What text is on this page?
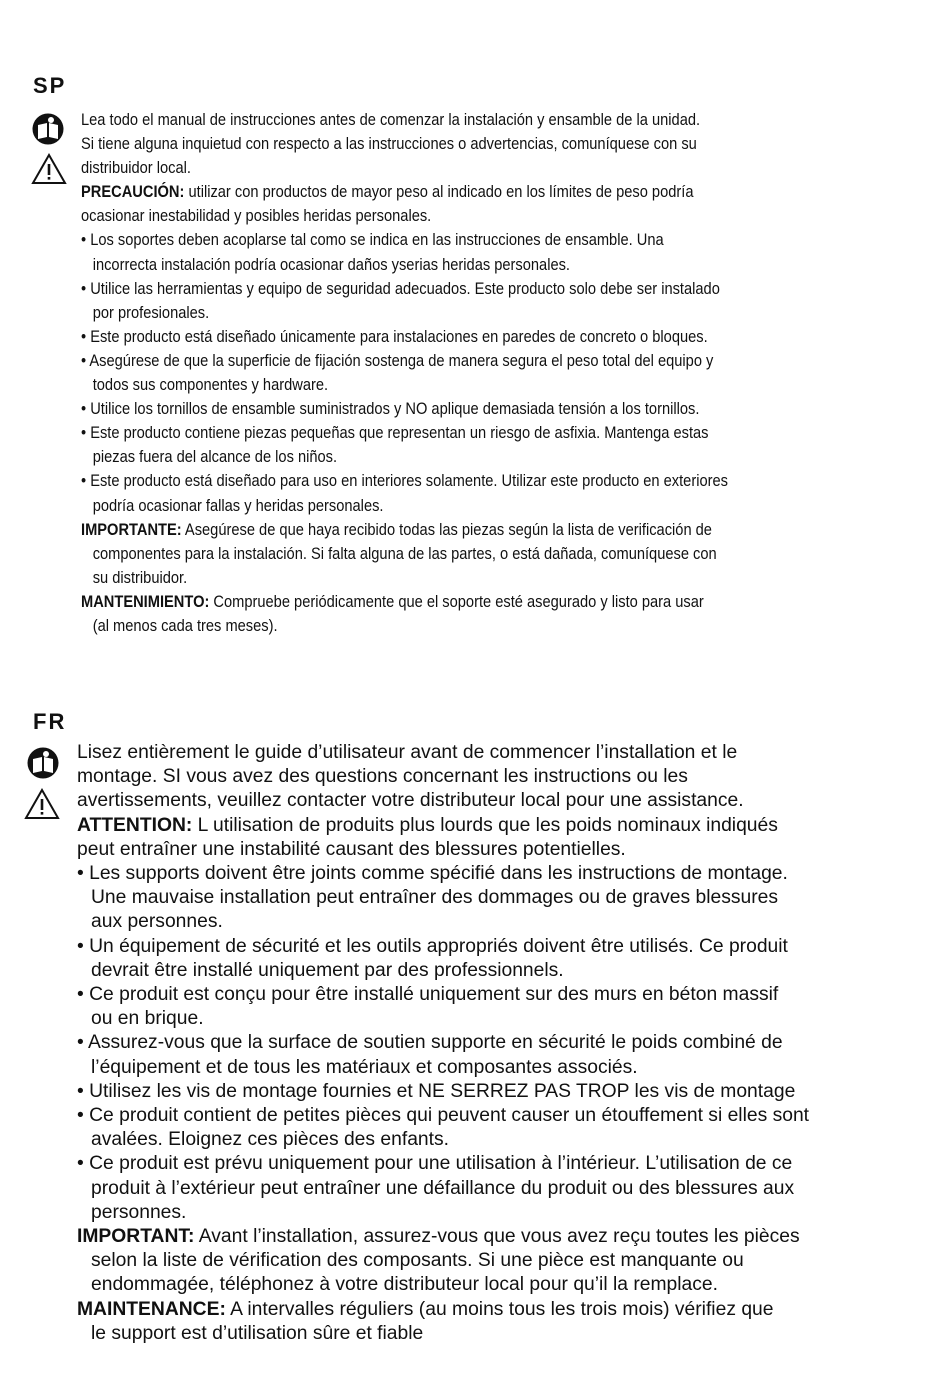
SP
Lea todo el manual de instrucciones antes de comenzar la instalación y ensamble de la unidad.
Si tiene alguna inquietud con respecto a las instrucciones o advertencias, comuníquese con su
distribuidor local.
PRECAUCIÓN: utilizar con productos de mayor peso al indicado en los límites de peso podría
ocasionar inestabilidad y posibles heridas personales.
• Los soportes deben acoplarse tal como se indica en las instrucciones de ensamble. Una
incorrecta instalación podría ocasionar daños yserias heridas personales.
• Utilice las herramientas y equipo de seguridad adecuados. Este producto solo debe ser instalado
por profesionales.
• Este producto está diseñado únicamente para instalaciones en paredes de concreto o bloques.
• Asegúrese de que la superficie de fijación sostenga de manera segura el peso total del equipo y
todos sus componentes y hardware.
• Utilice los tornillos de ensamble suministrados y NO aplique demasiada tensión a los tornillos.
• Este producto contiene piezas pequeñas que representan un riesgo de asfixia. Mantenga estas
piezas fuera del alcance de los niños.
• Este producto está diseñado para uso en interiores solamente. Utilizar este producto en exteriores
podría ocasionar fallas y heridas personales.
IMPORTANTE: Asegúrese de que haya recibido todas las piezas según la lista de verificación de
componentes para la instalación. Si falta alguna de las partes, o está dañada, comuníquese con
su distribuidor.
MANTENIMIENTO: Compruebe periódicamente que el soporte esté asegurado y listo para usar
(al menos cada tres meses).
FR
Lisez entièrement le guide d’utilisateur avant de commencer l’installation et le
montage. SI vous avez des questions concernant les instructions ou les
avertissements, veuillez contacter votre distributeur local pour une assistance.
ATTENTION: L utilisation de produits plus lourds que les poids nominaux indiqués
peut entraîner une instabilité causant des blessures potentielles.
• Les supports doivent être joints comme spécifié dans les instructions de montage.
Une mauvaise installation peut entraîner des dommages ou de graves blessures
aux personnes.
• Un équipement de sécurité et les outils appropriés doivent être utilisés. Ce produit
devrait être installé uniquement par des professionnels.
• Ce produit est conçu pour être installé uniquement sur des murs en béton massif
ou en brique.
• Assurez-vous que la surface de soutien supporte en sécurité le poids combiné de
l’équipement et de tous les matériaux et composantes associés.
• Utilisez les vis de montage fournies et NE SERREZ PAS TROP les vis de montage
• Ce produit contient de petites pièces qui peuvent causer un étouffement si elles sont
avalées. Eloignez ces pièces des enfants.
• Ce produit est prévu uniquement pour une utilisation à l’intérieur. L’utilisation de ce
produit à l’extérieur peut entraîner une défaillance du produit ou des blessures aux
personnes.
IMPORTANT: Avant l’installation, assurez-vous que vous avez reçu toutes les pièces
selon la liste de vérification des composants. Si une pièce est manquante ou
endommagée, téléphonez à votre distributeur local pour qu’il la remplace.
MAINTENANCE: A intervalles réguliers (au moins tous les trois mois) vérifiez que
le support est d’utilisation sûre et fiable
